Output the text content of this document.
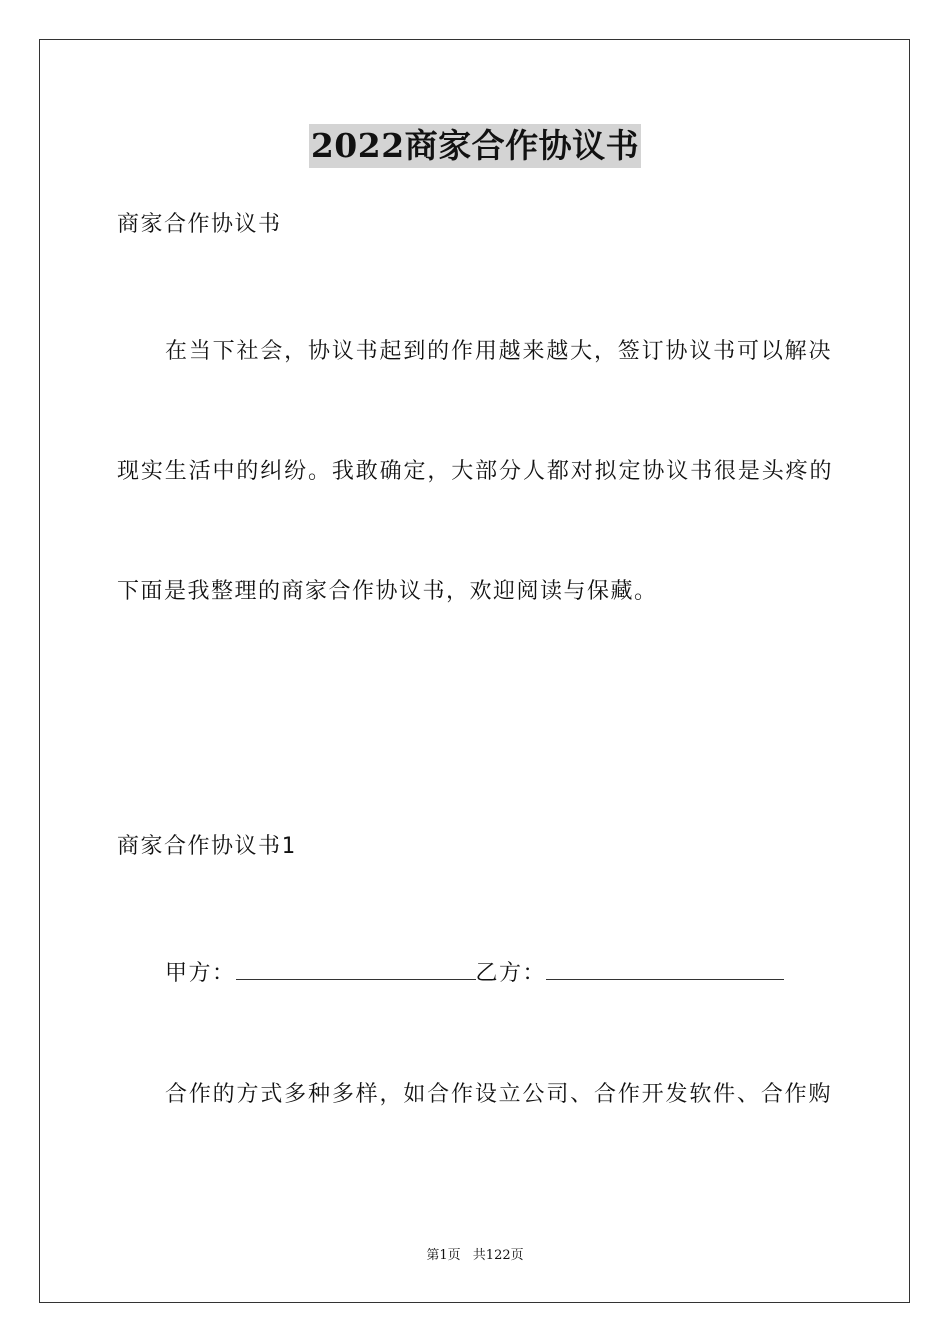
2022商家合作协议书
商家合作协议书
在当下社会，协议书起到的作用越来越大，签订协议书可以解决
现实生活中的纠纷。我敢确定，大部分人都对拟定协议书很是头疼的
下面是我整理的商家合作协议书，欢迎阅读与保藏。
商家合作协议书1
甲方：	乙方：
合作的方式多种多样，如合作设立公司、合作开发软件、合作购
第1页 共122页
